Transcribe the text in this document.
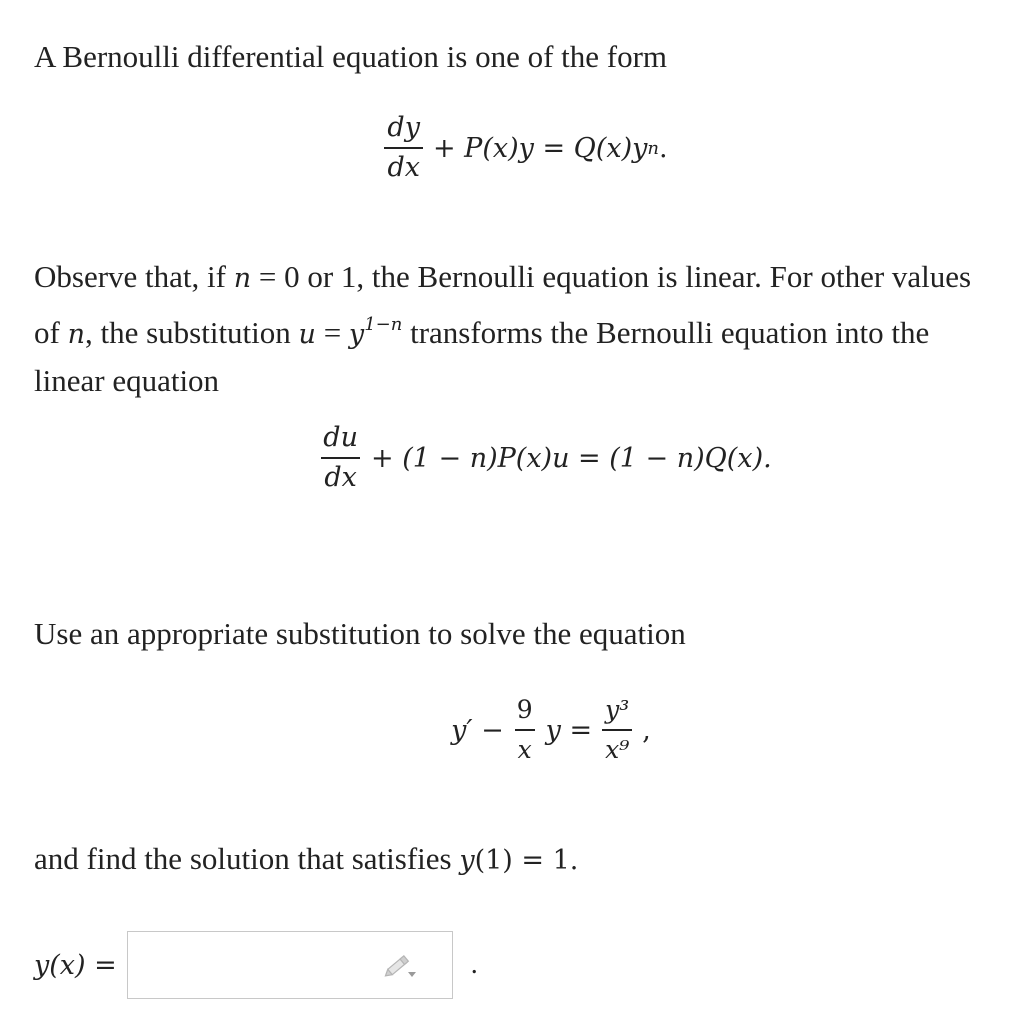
A Bernoulli differential equation is one of the form

$\frac{dy}{dx} + P(x)y = Q(x)y$ n .

Observe that, if n = 0 or 1, the Bernoulli equation is linear. For other values of n, the substitution $u = y^{1-n}$ transforms the Bernoulli equation into the linear equation

$\frac{du}{dx} + (1 - n)P(x)u = (1 - n)Q(x)$.

Use an appropriate substitution to solve the equation

$y' - \frac{9}{x}$ $y = \frac{\text{y³}}{\text{x⁹}}$ ,

and find the solution that satisfies y(1) = 1.

y(x) =	.
